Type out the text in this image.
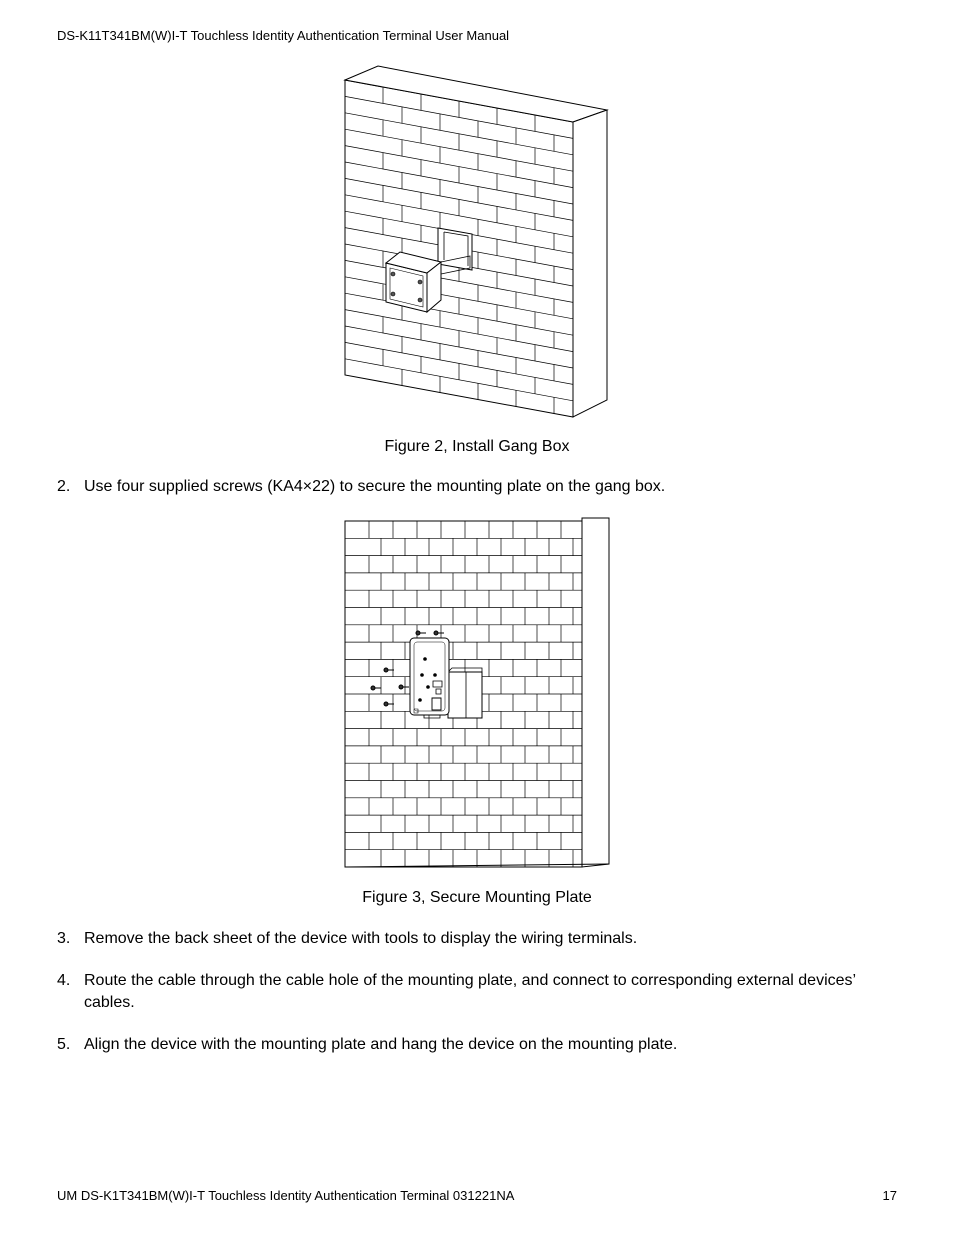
DS-K11T341BM(W)I-T Touchless Identity Authentication Terminal User Manual
Figure 2, Install Gang Box
2. Use four supplied screws (KA4×22) to secure the mounting plate on the gang box.
Figure 3, Secure Mounting Plate
3. Remove the back sheet of the device with tools to display the wiring terminals.
4. Route the cable through the cable hole of the mounting plate, and connect to corresponding external devices’ cables.
5. Align the device with the mounting plate and hang the device on the mounting plate.
UM DS-K1T341BM(W)I-T Touchless Identity Authentication Terminal 031221NA	17
